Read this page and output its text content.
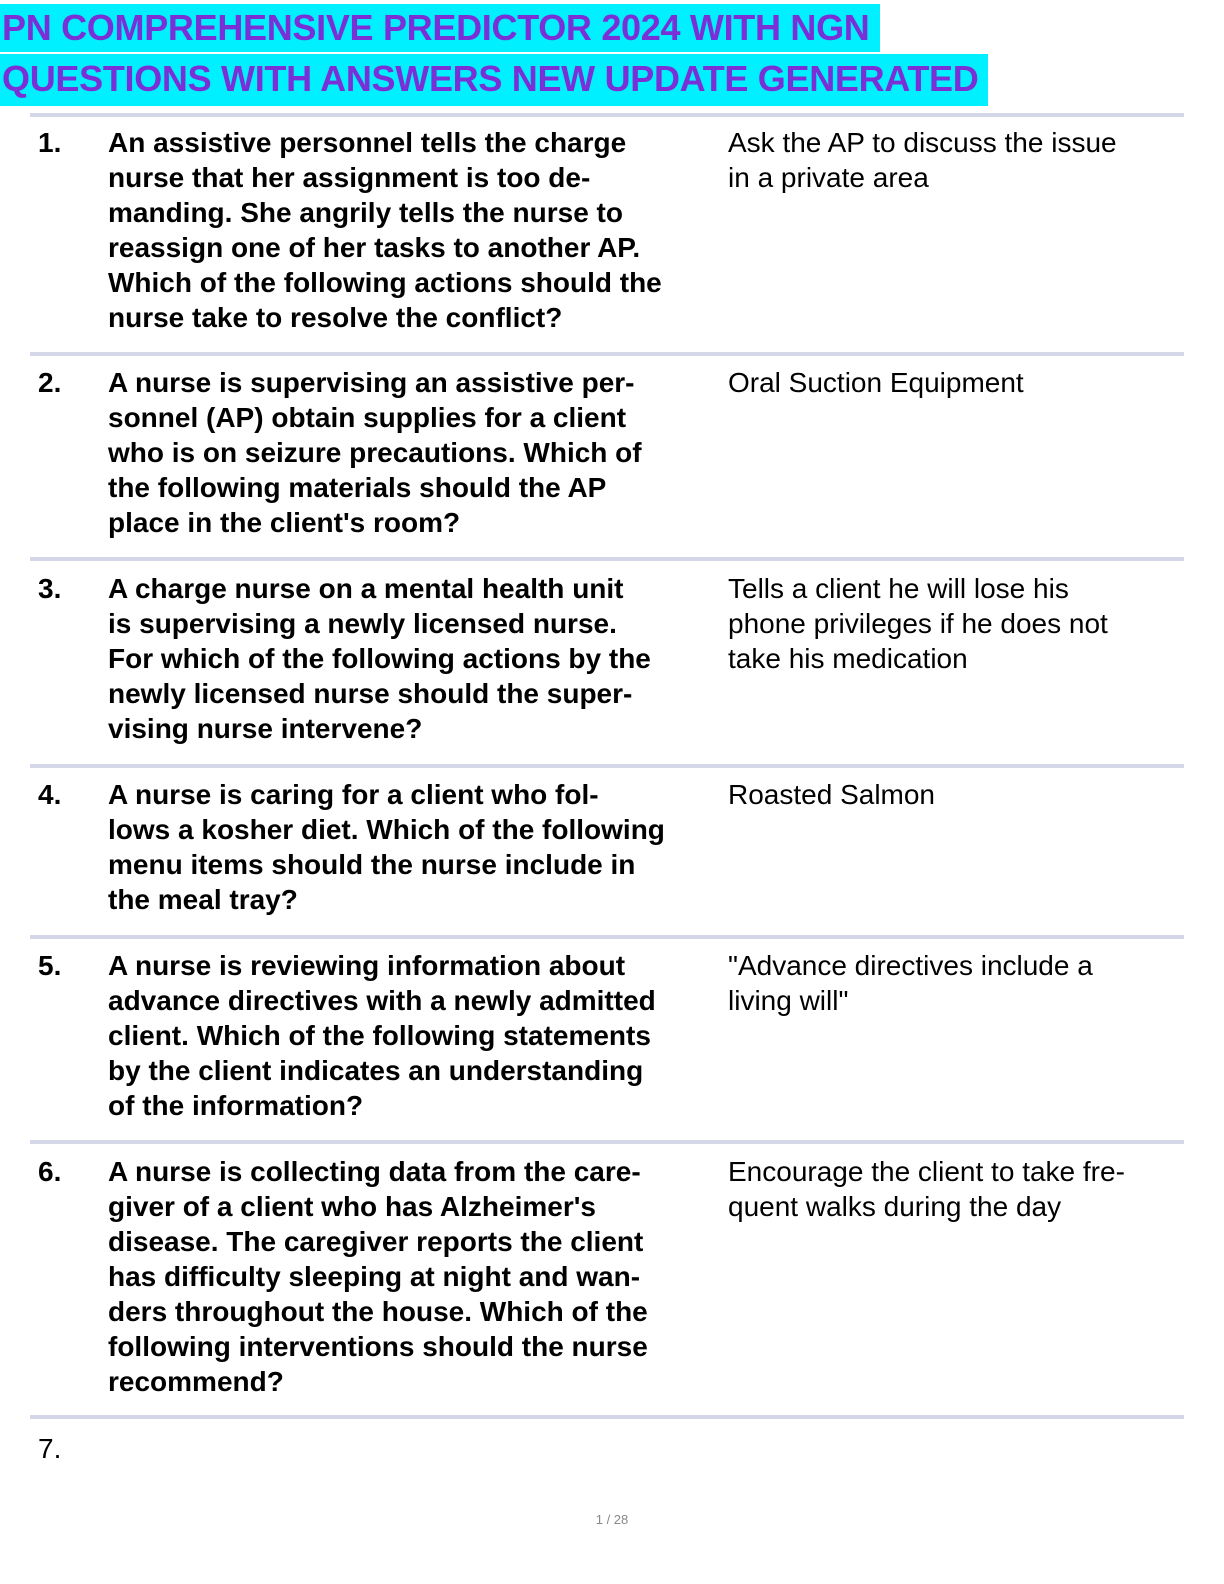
PN COMPREHENSIVE PREDICTOR 2024 WITH NGN
QUESTIONS WITH ANSWERS NEW UPDATE GENERATED
1. An assistive personnel tells the charge
nurse that her assignment is too de-
manding. She angrily tells the nurse to
reassign one of her tasks to another AP.
Which of the following actions should the
nurse take to resolve the conflict?
Ask the AP to discuss the issue
in a private area
2. A nurse is supervising an assistive per-
sonnel (AP) obtain supplies for a client
who is on seizure precautions. Which of
the following materials should the AP
place in the client's room?
Oral Suction Equipment
3. A charge nurse on a mental health unit
is supervising a newly licensed nurse.
For which of the following actions by the
newly licensed nurse should the super-
vising nurse intervene?
Tells a client he will lose his
phone privileges if he does not
take his medication
4. A nurse is caring for a client who fol-
lows a kosher diet. Which of the following
menu items should the nurse include in
the meal tray?
Roasted Salmon
5. A nurse is reviewing information about
advance directives with a newly admitted
client. Which of the following statements
by the client indicates an understanding
of the information?
"Advance directives include a
living will"
6. A nurse is collecting data from the care-
giver of a client who has Alzheimer's
disease. The caregiver reports the client
has difficulty sleeping at night and wan-
ders throughout the house. Which of the
following interventions should the nurse
recommend?
Encourage the client to take fre-
quent walks during the day
7.
1 / 28
